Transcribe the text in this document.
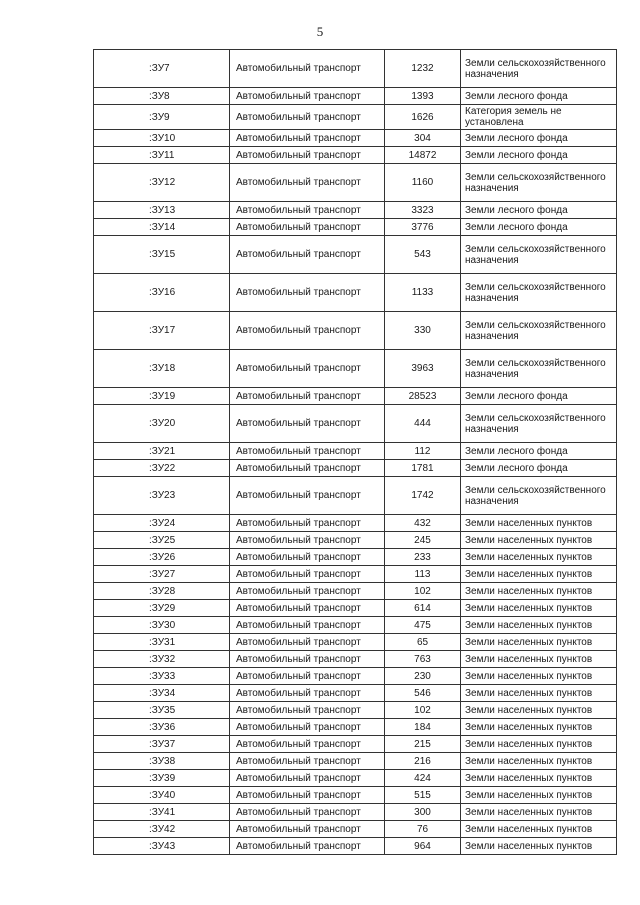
5
:ЗУ7	Автомобильный транспорт	1232	Земли сельскохозяйственного назначения
:ЗУ8	Автомобильный транспорт	1393	Земли лесного фонда
:ЗУ9	Автомобильный транспорт	1626	Категория земель не установлена
:ЗУ10	Автомобильный транспорт	304	Земли лесного фонда
:ЗУ11	Автомобильный транспорт	14872	Земли лесного фонда
:ЗУ12	Автомобильный транспорт	1160	Земли сельскохозяйственного назначения
:ЗУ13	Автомобильный транспорт	3323	Земли лесного фонда
:ЗУ14	Автомобильный транспорт	3776	Земли лесного фонда
:ЗУ15	Автомобильный транспорт	543	Земли сельскохозяйственного назначения
:ЗУ16	Автомобильный транспорт	1133	Земли сельскохозяйственного назначения
:ЗУ17	Автомобильный транспорт	330	Земли сельскохозяйственного назначения
:ЗУ18	Автомобильный транспорт	3963	Земли сельскохозяйственного назначения
:ЗУ19	Автомобильный транспорт	28523	Земли лесного фонда
:ЗУ20	Автомобильный транспорт	444	Земли сельскохозяйственного назначения
:ЗУ21	Автомобильный транспорт	112	Земли лесного фонда
:ЗУ22	Автомобильный транспорт	1781	Земли лесного фонда
:ЗУ23	Автомобильный транспорт	1742	Земли сельскохозяйственного назначения
:ЗУ24	Автомобильный транспорт	432	Земли населенных пунктов
:ЗУ25	Автомобильный транспорт	245	Земли населенных пунктов
:ЗУ26	Автомобильный транспорт	233	Земли населенных пунктов
:ЗУ27	Автомобильный транспорт	113	Земли населенных пунктов
:ЗУ28	Автомобильный транспорт	102	Земли населенных пунктов
:ЗУ29	Автомобильный транспорт	614	Земли населенных пунктов
:ЗУ30	Автомобильный транспорт	475	Земли населенных пунктов
:ЗУ31	Автомобильный транспорт	65	Земли населенных пунктов
:ЗУ32	Автомобильный транспорт	763	Земли населенных пунктов
:ЗУ33	Автомобильный транспорт	230	Земли населенных пунктов
:ЗУ34	Автомобильный транспорт	546	Земли населенных пунктов
:ЗУ35	Автомобильный транспорт	102	Земли населенных пунктов
:ЗУ36	Автомобильный транспорт	184	Земли населенных пунктов
:ЗУ37	Автомобильный транспорт	215	Земли населенных пунктов
:ЗУ38	Автомобильный транспорт	216	Земли населенных пунктов
:ЗУ39	Автомобильный транспорт	424	Земли населенных пунктов
:ЗУ40	Автомобильный транспорт	515	Земли населенных пунктов
:ЗУ41	Автомобильный транспорт	300	Земли населенных пунктов
:ЗУ42	Автомобильный транспорт	76	Земли населенных пунктов
:ЗУ43	Автомобильный транспорт	964	Земли населенных пунктов
